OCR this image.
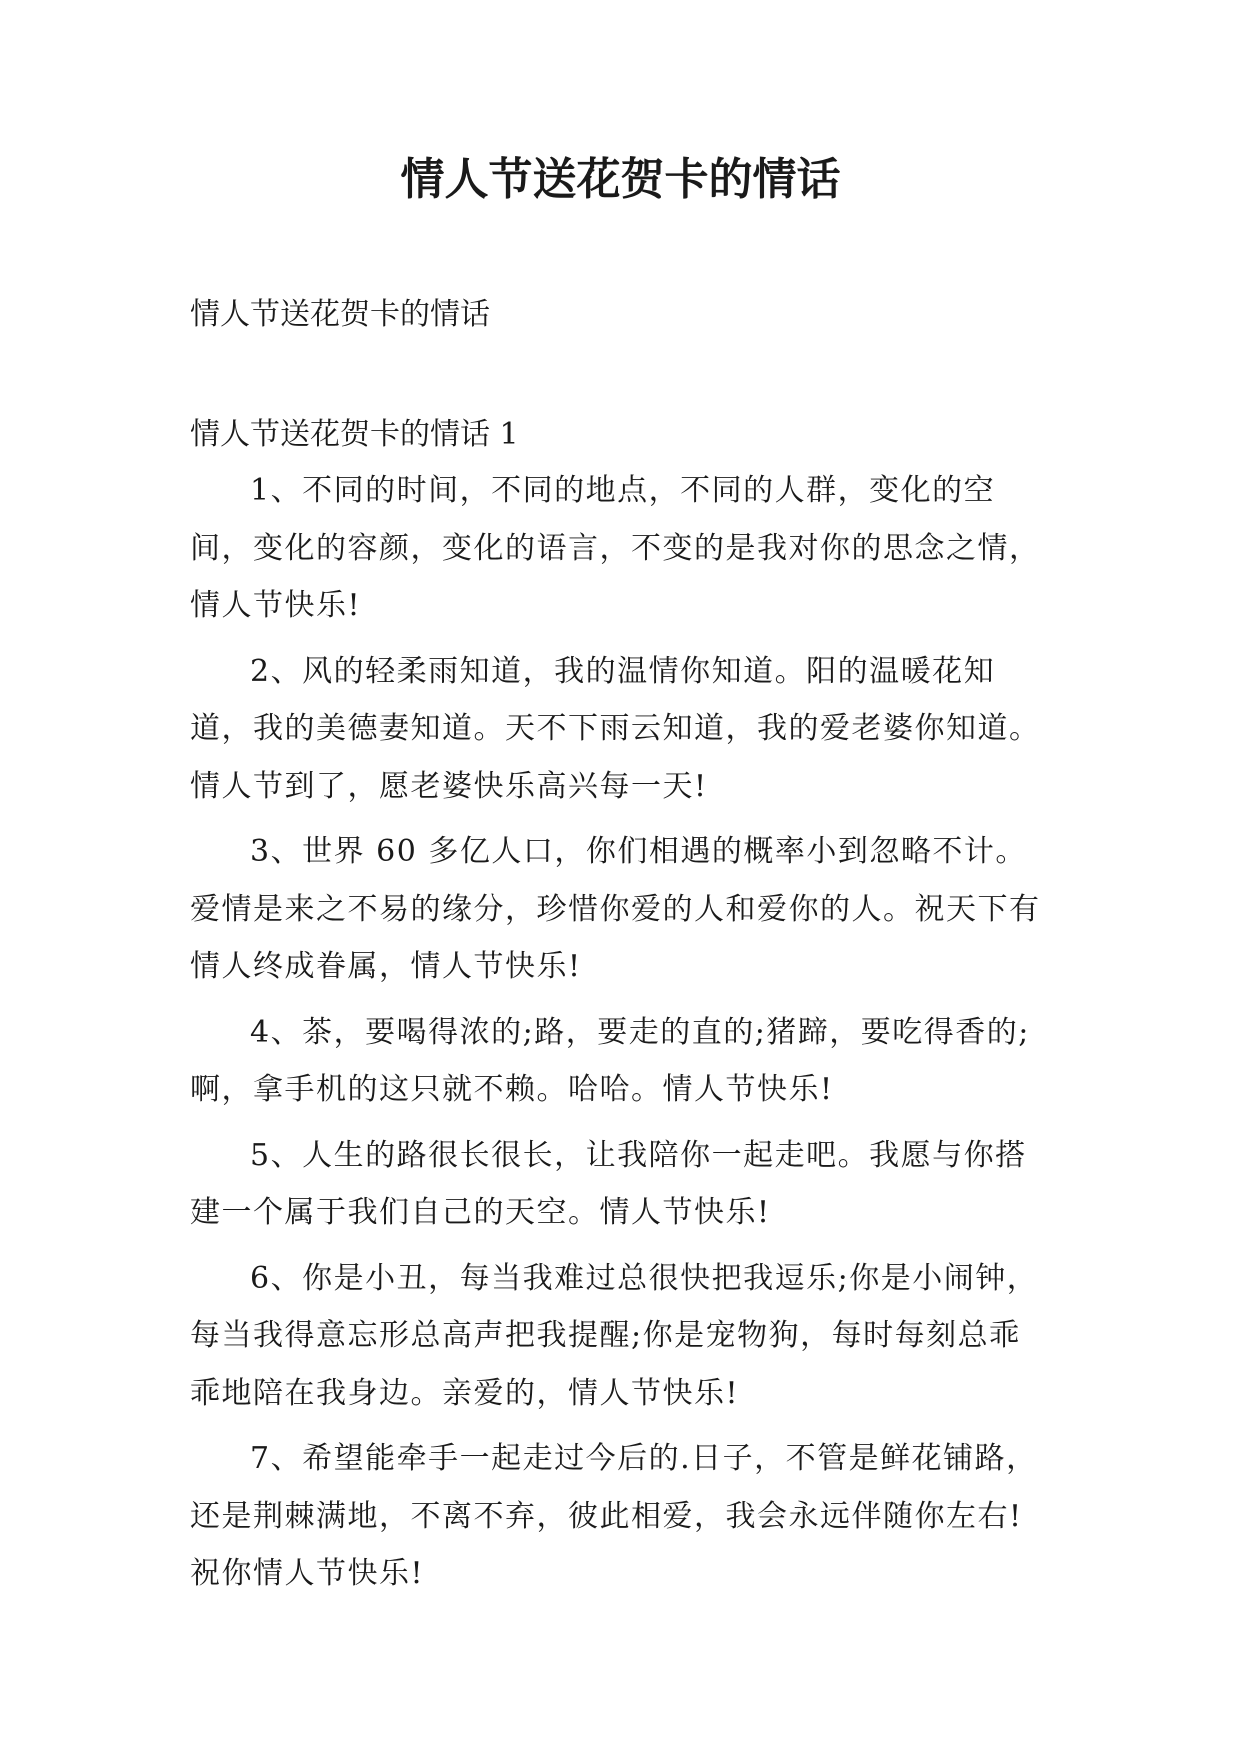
情人节送花贺卡的情话

情人节送花贺卡的情话

情人节送花贺卡的情话 1

1、不同的时间，不同的地点，不同的人群，变化的空间，变化的容颜，变化的语言，不变的是我对你的思念之情，情人节快乐!

2、风的轻柔雨知道，我的温情你知道。阳的温暖花知道，我的美德妻知道。天不下雨云知道，我的爱老婆你知道。情人节到了，愿老婆快乐高兴每一天!

3、世界 60 多亿人口，你们相遇的概率小到忽略不计。爱情是来之不易的缘分，珍惜你爱的人和爱你的人。祝天下有情人终成眷属，情人节快乐!

4、茶，要喝得浓的;路，要走的直的;猪蹄，要吃得香的;啊，拿手机的这只就不赖。哈哈。情人节快乐!

5、人生的路很长很长，让我陪你一起走吧。我愿与你搭建一个属于我们自己的天空。情人节快乐!

6、你是小丑，每当我难过总很快把我逗乐;你是小闹钟，每当我得意忘形总高声把我提醒;你是宠物狗，每时每刻总乖乖地陪在我身边。亲爱的，情人节快乐!

7、希望能牵手一起走过今后的.日子，不管是鲜花铺路，还是荆棘满地，不离不弃，彼此相爱，我会永远伴随你左右!祝你情人节快乐!
